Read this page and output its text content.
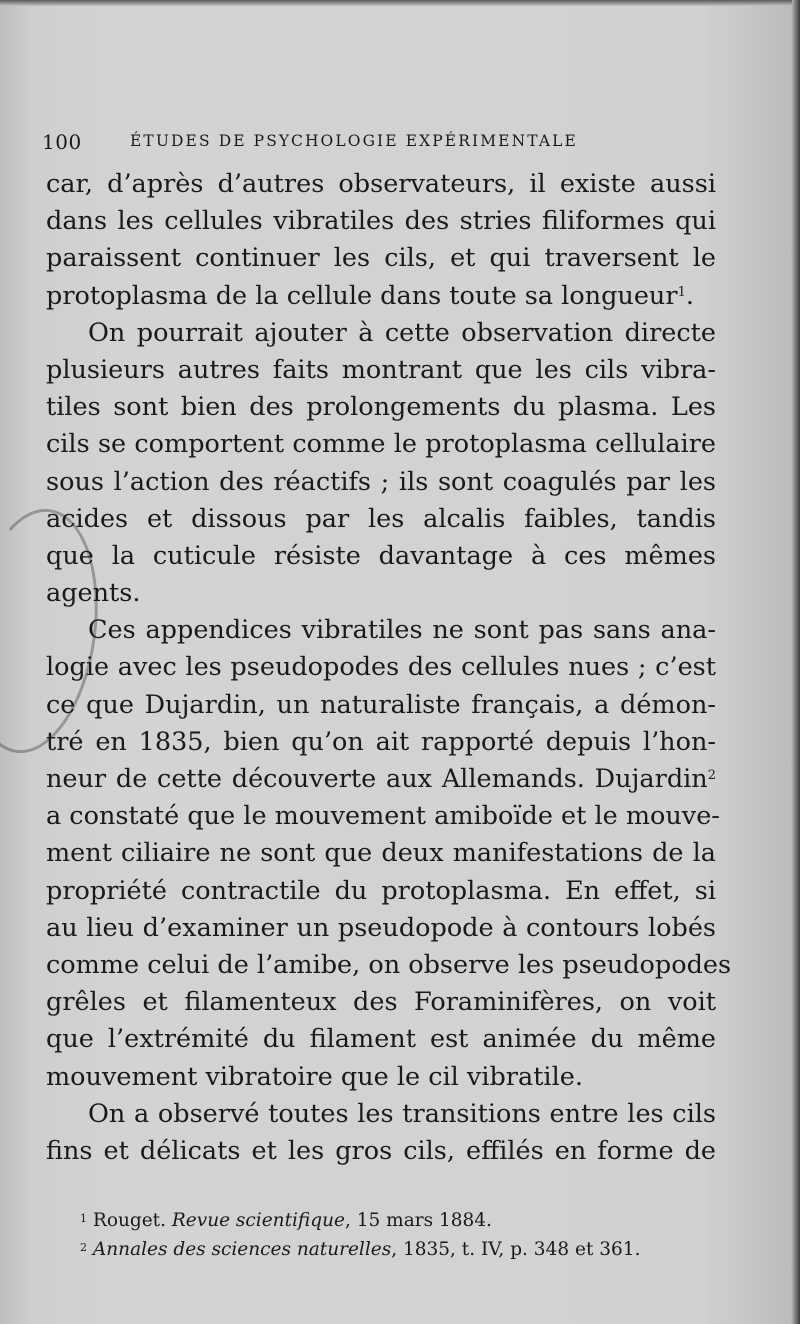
100	ÉTUDES DE PSYCHOLOGIE EXPÉRIMENTALE
car, d’après d’autres observateurs, il existe aussi
dans les cellules vibratiles des stries filiformes qui
paraissent continuer les cils, et qui traversent le
protoplasma de la cellule dans toute sa longueur$^1$.
On pourrait ajouter à cette observation directe
plusieurs autres faits montrant que les cils vibra-
tiles sont bien des prolongements du plasma. Les
cils se comportent comme le protoplasma cellulaire
sous l’action des réactifs ; ils sont coagulés par les
acides et dissous par les alcalis faibles, tandis
que la cuticule résiste davantage à ces mêmes
agents.
Ces appendices vibratiles ne sont pas sans ana-
logie avec les pseudopodes des cellules nues ; c’est
ce que Dujardin, un naturaliste français, a démon-
tré en 1835, bien qu’on ait rapporté depuis l’hon-
neur de cette découverte aux Allemands. Dujardin$^2$
a constaté que le mouvement amiboïde et le mouve-
ment ciliaire ne sont que deux manifestations de la
propriété contractile du protoplasma. En effet, si
au lieu d’examiner un pseudopode à contours lobés
comme celui de l’amibe, on observe les pseudopodes
grêles et filamenteux des Foraminifères, on voit
que l’extrémité du filament est animée du même
mouvement vibratoire que le cil vibratile.
On a observé toutes les transitions entre les cils
fins et délicats et les gros cils, effilés en forme de
$^1$ Rouget. Revue scientifique, 15 mars 1884.
$^2$ Annales des sciences naturelles, 1835, t. IV, p. 348 et 361.
